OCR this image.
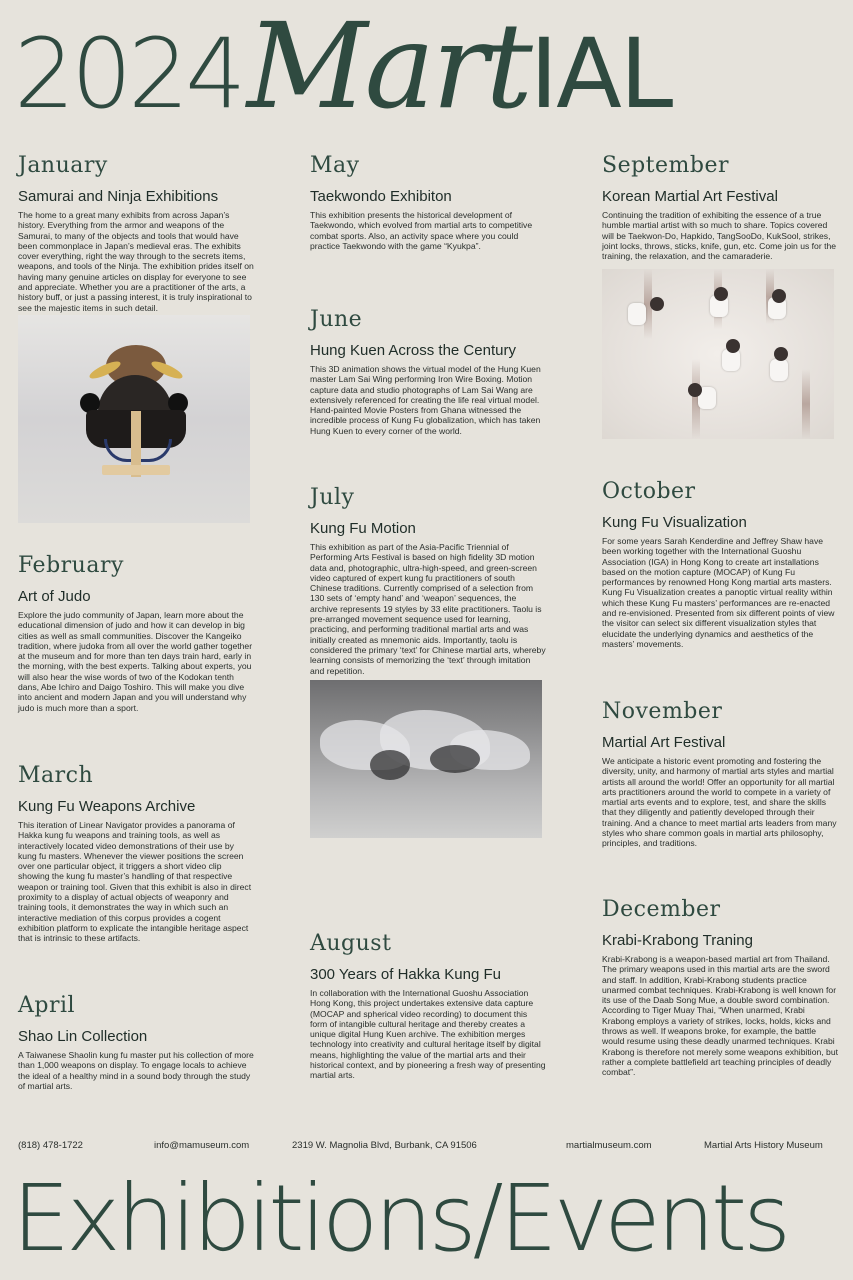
2024 MartIAL
January
Samurai and Ninja Exhibitions

The home to a great many exhibits from across Japan’s history. Everything from the armor and weapons of the Samurai, to many of the objects and tools that would have been commonplace in Japan’s medieval eras. The exhibits cover everything, right the way through to the secrets items, weapons, and tools of the Ninja. The exhibition prides itself on having many genuine articles on display for everyone to see and appreciate. Whether you are a practitioner of the arts, a history buff, or just a passing interest, it is truly inspirational to see the majestic items in such detail.

February
Art of Judo

Explore the judo community of Japan, learn more about the educational dimension of judo and how it can develop in big cities as well as small communities. Discover the Kangeiko tradition, where judoka from all over the world gather together at the museum and for more than ten days train hard, early in the morning, with the best experts. Talking about experts, you will also hear the wise words of two of the Kodokan tenth dans, Abe Ichiro and Daigo Toshiro. This will make you dive into ancient and modern Japan and you will understand why judo is much more than a sport.

March
Kung Fu Weapons Archive

This iteration of Linear Navigator provides a panorama of Hakka kung fu weapons and training tools, as well as interactively located video demonstrations of their use by kung fu masters. Whenever the viewer positions the screen over one particular object, it triggers a short video clip showing the kung fu master’s handling of that respective weapon or training tool. Given that this exhibit is also in direct proximity to a display of actual objects of weaponry and training tools, it demonstrates the way in which such an interactive mediation of this corpus provides a cogent exhibition platform to explicate the intangible heritage aspect that is intrinsic to these artifacts.

April
Shao Lin Collection

A Taiwanese Shaolin kung fu master put his collection of more than 1,000 weapons on display. To engage locals to achieve the ideal of a healthy mind in a sound body through the study of martial arts.

May
Taekwondo Exhibiton

This exhibition presents the historical development of Taekwondo, which evolved from martial arts to competitive combat sports. Also, an activity space where you could practice Taekwondo with the game “Kyukpa”.

June
Hung Kuen Across the Century

This 3D animation shows the virtual model of the Hung Kuen master Lam Sai Wing performing Iron Wire Boxing. Motion capture data and studio photographs of Lam Sai Wang are extensively referenced for creating the life real virtual model. Hand-painted Movie Posters from Ghana witnessed the incredible process of Kung Fu globalization, which has taken Hung Kuen to every corner of the world.

July
Kung Fu Motion

This exhibition as part of the Asia-Pacific Triennial of Performing Arts Festival is based on high fidelity 3D motion data and, photographic, ultra-high-speed, and green-screen video captured of expert kung fu practitioners of south Chinese traditions. Currently comprised of a selection from 130 sets of ‘empty hand’ and ‘weapon’ sequences, the archive represents 19 styles by 33 elite practitioners. Taolu is pre-arranged movement sequence used for learning, practicing, and performing traditional martial arts and was initially created as mnemonic aids. Importantly, taolu is considered the primary ‘text’ for Chinese martial arts, whereby learning consists of memorizing the ‘text’ through imitation and repetition.

August
300 Years of Hakka Kung Fu

In collaboration with the International Guoshu Association Hong Kong, this project undertakes extensive data capture (MOCAP and spherical video recording) to document this form of intangible cultural heritage and thereby creates a unique digital Hung Kuen archive. The exhibition merges technology into creativity and cultural heritage itself by digital means, highlighting the value of the martial arts and their historical context, and by pioneering a fresh way of presenting martial arts.

September
Korean Martial Art Festival

Continuing the tradition of exhibiting the essence of a true humble martial artist with so much to share. Topics covered will be Taekwon-Do, Hapkido, TangSooDo, KukSool, strikes, joint locks, throws, sticks, knife, gun, etc. Come join us for the training, the relaxation, and the camaraderie.

October
Kung Fu Visualization

For some years Sarah Kenderdine and Jeffrey Shaw have been working together with the International Guoshu Association (IGA) in Hong Kong to create art installations based on the motion capture (MOCAP) of Kung Fu performances by renowned Hong Kong martial arts masters. Kung Fu Visualization creates a panoptic virtual reality within which these Kung Fu masters’ performances are re-enacted and re-envisioned. Presented from six different points of view the visitor can select six different visualization styles that elucidate the underlying dynamics and aesthetics of the masters’ movements.

November
Martial Art Festival

We anticipate a historic event promoting and fostering the diversity, unity, and harmony of martial arts styles and martial artists all around the world! Offer an opportunity for all martial arts practitioners around the world to compete in a variety of martial arts events and to explore, test, and share the skills that they diligently and patiently developed through their training. And a chance to meet martial arts leaders from many styles who share common goals in martial arts philosophy, principles, and traditions.

December
Krabi-Krabong Traning

Krabi-Krabong is a weapon-based martial art from Thailand. The primary weapons used in this martial arts are the sword and staff. In addition, Krabi-Krabong students practice unarmed combat techniques. Krabi-Krabong is well known for its use of the Daab Song Mue, a double sword combination. According to Tiger Muay Thai, “When unarmed, Krabi Krabong employs a variety of strikes, locks, holds, kicks and throws as well. If weapons broke, for example, the battle would resume using these deadly unarmed techniques. Krabi Krabong is therefore not merely some weapons exhibition, but rather a complete battlefield art teaching principles of deadly combat”.

(818) 478-1722	info@mamuseum.com	2319 W. Magnolia Blvd, Burbank, CA 91506	martialmuseum.com	Martial Arts History Museum
Exhibitions/Events
